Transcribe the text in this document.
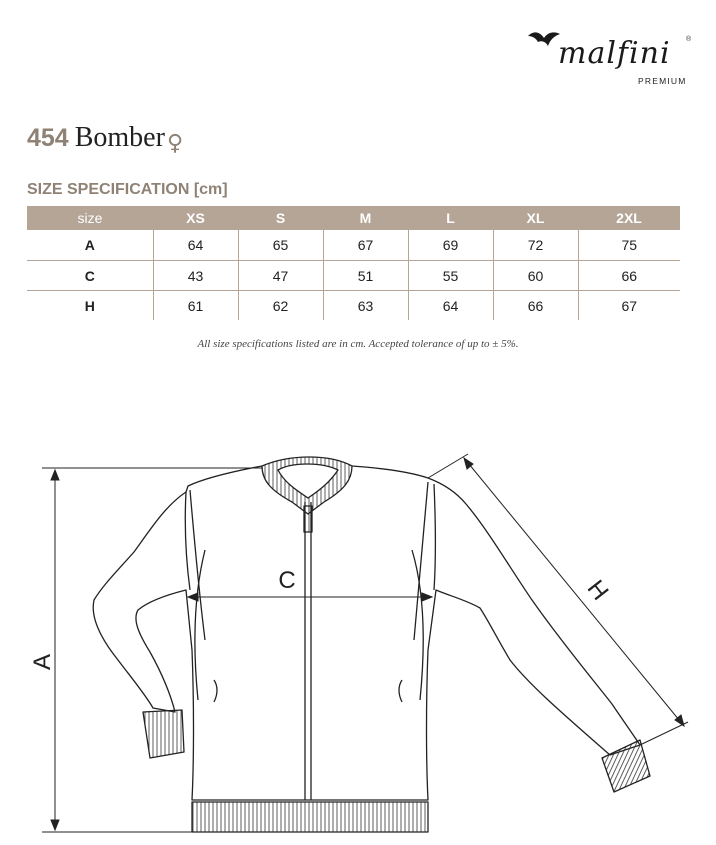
malfini ®
PREMIUM
454 Bomber♀
SIZE SPECIFICATION [cm]
size	XS	S	M	L	XL	2XL
A	64	65	67	69	72	75
C	43	47	51	55	60	66
H	61	62	63	64	66	67
All size specifications listed are in cm. Accepted tolerance of up to ± 5%.
A
C	H
